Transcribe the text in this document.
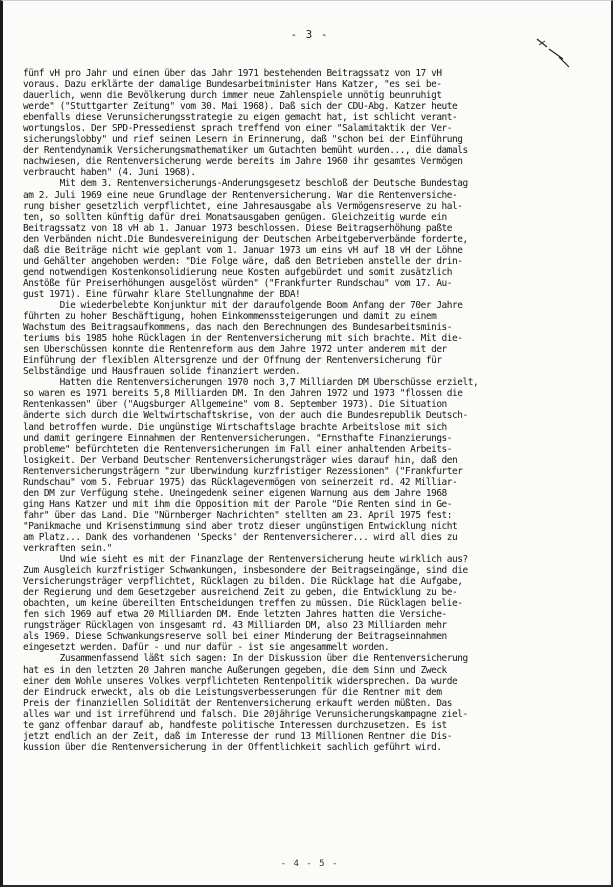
- 3 -
fünf vH pro Jahr und einen über das Jahr 1971 bestehenden Beitragssatz von 17 vH
voraus. Dazu erklärte der damalige Bundesarbeitminister Hans Katzer, "es sei be-
dauerlich, wenn die Bevölkerung durch immer neue Zahlenspiele unnötig beunruhigt
werde" ("Stuttgarter Zeitung" vom 30. Mai 1968). Daß sich der CDU-Abg. Katzer heute
ebenfalls diese Verunsicherungsstrategie zu eigen gemacht hat, ist schlicht verant-
wortungslos. Der SPD-Pressedienst sprach treffend von einer "Salamitaktik der Ver-
sicherungslobby" und rief seinen Lesern in Erinnerung, daß "schon bei der Einführung
der Rentendynamik Versicherungsmathematiker um Gutachten bemüht wurden..., die damals
nachwiesen, die Rentenversicherung werde bereits im Jahre 1960 ihr gesamtes Vermögen
verbraucht haben" (4. Juni 1968).
Mit dem 3. Rentenversicherungs-Änderungsgesetz beschloß der Deutsche Bundestag
am 2. Juli 1969 eine neue Grundlage der Rentenversicherung. War die Rentenversiche-
rung bisher gesetzlich verpflichtet, eine Jahresausgabe als Vermögensreserve zu hal-
ten, so sollten künftig dafür drei Monatsausgaben genügen. Gleichzeitig wurde ein
Beitragssatz von 18 vH ab 1. Januar 1973 beschlossen. Diese Beitragserhöhung paßte
den Verbänden nicht.Die Bundesvereinigung der Deutschen Arbeitgeberverbände forderte,
daß die Beiträge nicht wie geplant vom 1. Januar 1973 um eins vH auf 18 vH der Löhne
und Gehälter angehoben werden: "Die Folge wäre, daß den Betrieben anstelle der drin-
gend notwendigen Kostenkonsolidierung neue Kosten aufgebürdet und somit zusätzlich
Anstöße für Preiserhöhungen ausgelöst würden" ("Frankfurter Rundschau" vom 17. Au-
gust 1971). Eine fürwahr klare Stellungnahme der BDA!
Die wiederbelebte Konjunktur mit der daraufolgende Boom Anfang der 70er Jahre
führten zu hoher Beschäftigung, hohen Einkommenssteigerungen und damit zu einem
Wachstum des Beitragsaufkommens, das nach den Berechnungen des Bundesarbeitsminis-
teriums bis 1985 hohe Rücklagen in der Rentenversicherung mit sich brachte. Mit die-
sen Überschüssen konnte die Rentenreform aus dem Jahre 1972 unter anderem mit der
Einführung der flexiblen Altersgrenze und der Öffnung der Rentenversicherung für
Selbständige und Hausfrauen solide finanziert werden.
Hatten die Rentenversicherungen 1970 noch 3,7 Milliarden DM Überschüsse erzielt,
so waren es 1971 bereits 5,8 Milliarden DM. In den Jahren 1972 und 1973 "flossen die
Rentenkassen" über ("Augsburger Allgemeine" vom 8. September 1973). Die Situation
änderte sich durch die Weltwirtschaftskrise, von der auch die Bundesrepublik Deutsch-
land betroffen wurde. Die ungünstige Wirtschaftslage brachte Arbeitslose mit sich
und damit geringere Einnahmen der Rentenversicherungen. "Ernsthafte Finanzierungs-
probleme" befürchteten die Rentenversicherungen im Fall einer anhaltenden Arbeits-
losigkeit. Der Verband Deutscher Rentenversicherungsträger wies darauf hin, daß den
Rentenversicherungsträgern "zur Überwindung kurzfristiger Rezessionen" ("Frankfurter
Rundschau" vom 5. Februar 1975) das Rücklagevermögen von seinerzeit rd. 42 Milliar-
den DM zur Verfügung stehe. Uneingedenk seiner eigenen Warnung aus dem Jahre 1968
ging Hans Katzer und mit ihm die Opposition mit der Parole "Die Renten sind in Ge-
fahr" über das Land. Die "Nürnberger Nachrichten" stellten am 23. April 1975 fest:
"Panikmache und Krisenstimmung sind aber trotz dieser ungünstigen Entwicklung nicht
am Platz... Dank des vorhandenen 'Specks' der Rentenversicherer... wird all dies zu
verkraften sein."
Und wie sieht es mit der Finanzlage der Rentenversicherung heute wirklich aus?
Zum Ausgleich kurzfristiger Schwankungen, insbesondere der Beitragseingänge, sind die
Versicherungsträger verpflichtet, Rücklagen zu bilden. Die Rücklage hat die Aufgabe,
der Regierung und dem Gesetzgeber ausreichend Zeit zu geben, die Entwicklung zu be-
obachten, um keine übereilten Entscheidungen treffen zu müssen. Die Rücklagen belie-
fen sich 1969 auf etwa 20 Milliarden DM. Ende letzten Jahres hatten die Versiche-
rungsträger Rücklagen von insgesamt rd. 43 Milliarden DM, also 23 Milliarden mehr
als 1969. Diese Schwankungsreserve soll bei einer Minderung der Beitragseinnahmen
eingesetzt werden. Dafür - und nur dafür - ist sie angesammelt worden.
Zusammenfassend läßt sich sagen: In der Diskussion über die Rentenversicherung
hat es in den letzten 20 Jahren manche Äußerungen gegeben, die dem Sinn und Zweck
einer dem Wohle unseres Volkes verpflichteten Rentenpolitik widersprechen. Da wurde
der Eindruck erweckt, als ob die Leistungsverbesserungen für die Rentner mit dem
Preis der finanziellen Solidität der Rentenversicherung erkauft werden müßten. Das
alles war und ist irreführend und falsch. Die 20jährige Verunsicherungskampagne ziel-
te ganz offenbar darauf ab, handfeste politische Interessen durchzusetzen. Es ist
jetzt endlich an der Zeit, daß im Interesse der rund 13 Millionen Rentner die Dis-
kussion über die Rentenversicherung in der Öffentlichkeit sachlich geführt wird.
- 4 - 5 -
